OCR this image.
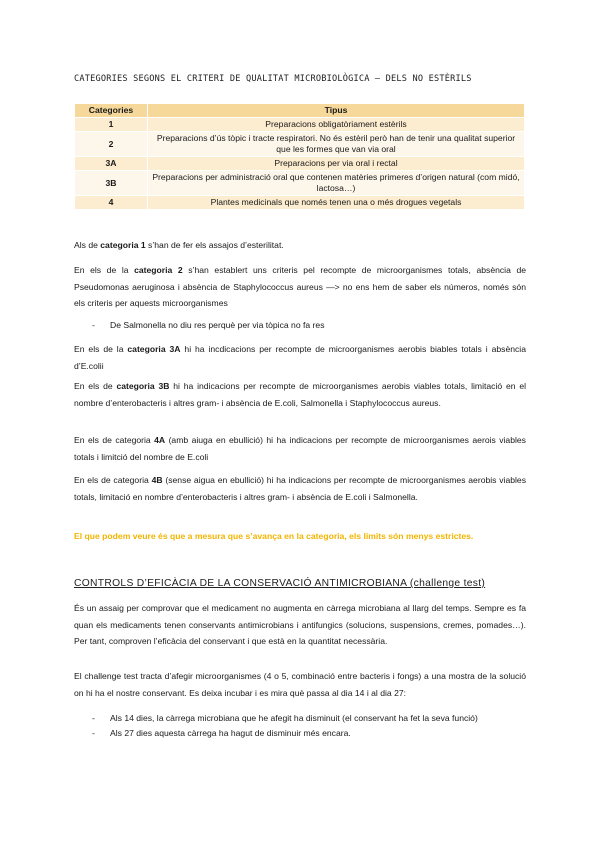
CATEGORIES SEGONS EL CRITERI DE QUALITAT MICROBIOLÒGICA – DELS NO ESTÈRILS
Categories	Tipus
1	Preparacions obligatòriament estèrils
2	Preparacions d’ús tòpic i tracte respiratori. No és estèril però han de tenir una qualitat superior que les formes que van via oral
3A	Preparacions per via oral i rectal
3B	Preparacions per administració oral que contenen matèries primeres d’origen natural (com midó, lactosa…)
4	Plantes medicinals que només tenen una o més drogues vegetals
Als de categoria 1 s’han de fer els assajos d’esterilitat.
En els de la categoria 2 s’han establert uns criteris pel recompte de microorganismes totals, absència de Pseudomonas aeruginosa i absència de Staphylococcus aureus —> no ens hem de saber els números, només són els criteris per aquests microorganismes
- De Salmonella no diu res perquè per via tòpica no fa res
En els de la categoria 3A hi ha incdicacions per recompte de microorganismes aerobis biables totals i absència d’E.colii
En els de categoria 3B hi ha indicacions per recompte de microorganismes aerobis viables totals, limitació en el nombre d’enterobacteris i altres gram- i absència de E.coli, Salmonella i Staphylococcus aureus.
En els de categoria 4A (amb aiuga en ebullició) hi ha indicacions per recompte de microorganismes aerois viables totals i limitció del nombre de E.coli
En els de categoria 4B (sense aigua en ebullició) hi ha indicacions per recompte de microorganismes aerobis viables totals, limitació en nombre d’enterobacteris i altres gram- i absència de E.coli i Salmonella.
El que podem veure és que a mesura que s’avança en la categoria, els límits són menys estrictes.
CONTROLS D’EFICÀCIA DE LA CONSERVACIÓ ANTIMICROBIANA (challenge test)
És un assaig per comprovar que el medicament no augmenta en càrrega microbiana al llarg del temps. Sempre es fa quan els medicaments tenen conservants antimicrobians i antifungics (solucions, suspensions, cremes, pomades…). Per tant, comproven l’eficàcia del conservant i que està en la quantitat necessària.
El challenge test tracta d’afegir microorganismes (4 o 5, combinació entre bacteris i fongs) a una mostra de la solució on hi ha el nostre conservant. Es deixa incubar i es mira què passa al dia 14 i al dia 27:
- Als 14 dies, la càrrega microbiana que he afegit ha disminuit (el conservant ha fet la seva funció)
- Als 27 dies aquesta càrrega ha hagut de disminuir més encara.
